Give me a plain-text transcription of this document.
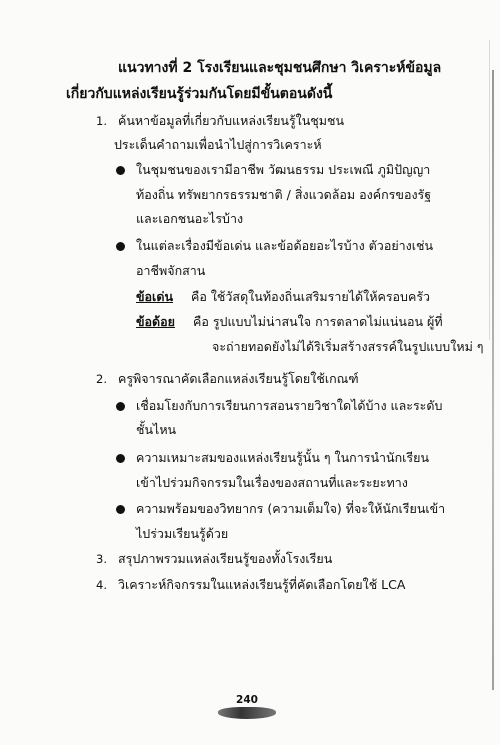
แนวทางที่ 2 โรงเรียนและชุมชนศึกษา วิเคราะห์ข้อมูล
เกี่ยวกับแหล่งเรียนรู้ร่วมกันโดยมีขั้นตอนดังนี้
1. ค้นหาข้อมูลที่เกี่ยวกับแหล่งเรียนรู้ในชุมชน
ประเด็นคำถามเพื่อนำไปสู่การวิเคราะห์
ในชุมชนของเรามีอาชีพ วัฒนธรรม ประเพณี ภูมิปัญญา
ท้องถิ่น ทรัพยากรธรรมชาติ / สิ่งแวดล้อม องค์กรของรัฐ
และเอกชนอะไรบ้าง
ในแต่ละเรื่องมีข้อเด่น และข้อด้อยอะไรบ้าง ตัวอย่างเช่น
อาชีพจักสาน
ข้อเด่น คือ ใช้วัสดุในท้องถิ่นเสริมรายได้ให้ครอบครัว
ข้อด้อย คือ รูปแบบไม่น่าสนใจ การตลาดไม่แน่นอน ผู้ที่
จะถ่ายทอดยังไม่ได้ริเริ่มสร้างสรรค์ในรูปแบบใหม่ ๆ
2. ครูพิจารณาคัดเลือกแหล่งเรียนรู้โดยใช้เกณฑ์
เชื่อมโยงกับการเรียนการสอนรายวิชาใดได้บ้าง และระดับ
ชั้นไหน
ความเหมาะสมของแหล่งเรียนรู้นั้น ๆ ในการนำนักเรียน
เข้าไปร่วมกิจกรรมในเรื่องของสถานที่และระยะทาง
ความพร้อมของวิทยากร (ความเต็มใจ) ที่จะให้นักเรียนเข้า
ไปร่วมเรียนรู้ด้วย
3. สรุปภาพรวมแหล่งเรียนรู้ของทั้งโรงเรียน
4. วิเคราะห์กิจกรรมในแหล่งเรียนรู้ที่คัดเลือกโดยใช้ LCA
240
